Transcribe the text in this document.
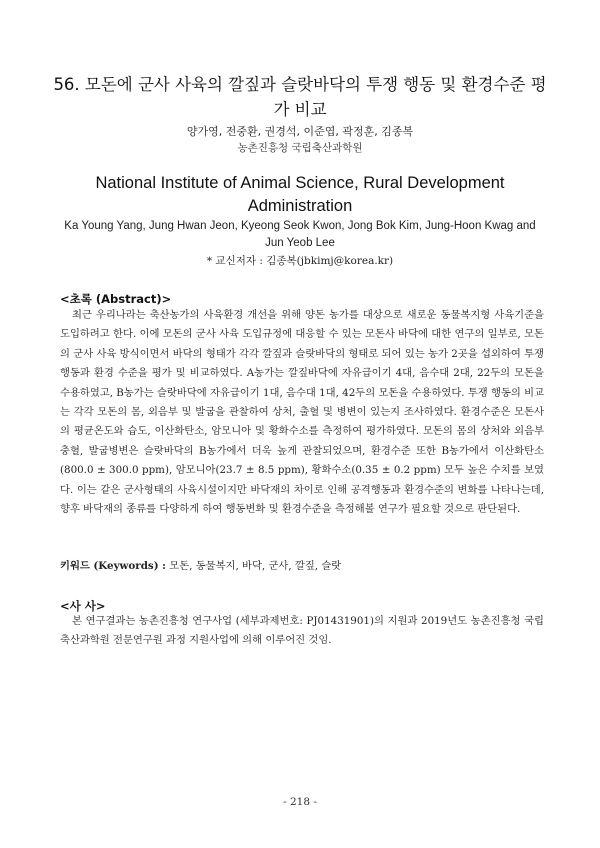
56. 모돈에 군사 사육의 깔짚과 슬랏바닥의 투쟁 행동 및 환경수준 평가 비교
양가영, 전중환, 권경석, 이준엽, 곽정훈, 김종복
농촌진흥청 국립축산과학원
National Institute of Animal Science, Rural Development Administration
Ka Young Yang, Jung Hwan Jeon, Kyeong Seok Kwon, Jong Bok Kim, Jung-Hoon Kwag and Jun Yeob Lee
* 교신저자 : 김종복(jbkimj@korea.kr)
<초록 (Abstract)>

최근 우리나라는 축산농가의 사육환경 개선을 위해 양돈 농가를 대상으로 새로운 동물복지형 사육기준을 도입하려고 한다. 이에 모돈의 군사 사육 도입규정에 대응할 수 있는 모돈사 바닥에 대한 연구의 일부로, 모돈의 군사 사육 방식이면서 바닥의 형태가 각각 깔짚과 슬랏바닥의 형태로 되어 있는 농가 2곳을 섭외하여 투쟁 행동과 환경 수준을 평가 및 비교하였다. A농가는 깔짚바닥에 자유급이기 4대, 음수대 2대, 22두의 모돈을 수용하였고, B농가는 슬랏바닥에 자유급이기 1대, 음수대 1대, 42두의 모돈을 수용하였다. 투쟁 행동의 비교는 각각 모돈의 몸, 외음부 및 발굽을 관찰하여 상처, 출혈 및 병변이 있는지 조사하였다. 환경수준은 모돈사의 평균온도와 습도, 이산화탄소, 암모니아 및 황화수소를 측정하여 평가하였다. 모돈의 몸의 상처와 외음부 충혈, 발굽병변은 슬랏바닥의 B농가에서 더욱 높게 관찰되었으며, 환경수준 또한 B농가에서 이산화탄소(800.0 ± 300.0 ppm), 암모니아(23.7 ± 8.5 ppm), 황화수소(0.35 ± 0.2 ppm) 모두 높은 수치를 보였다. 이는 같은 군사형태의 사육시설이지만 바닥재의 차이로 인해 공격행동과 환경수준의 변화를 나타나는데, 향후 바닥재의 종류를 다양하게 하여 행동변화 및 환경수준을 측정해볼 연구가 필요할 것으로 판단된다.

키워드 (Keywords) : 모돈, 동물복지, 바닥, 군사, 깔짚, 슬랏
<사 사>

본 연구결과는 농촌진흥청 연구사업 (세부과제번호: PJ01431901)의 지원과 2019년도 농촌진흥청 국립축산과학원 전문연구원 과정 지원사업에 의해 이루어진 것임.

- 218 -
